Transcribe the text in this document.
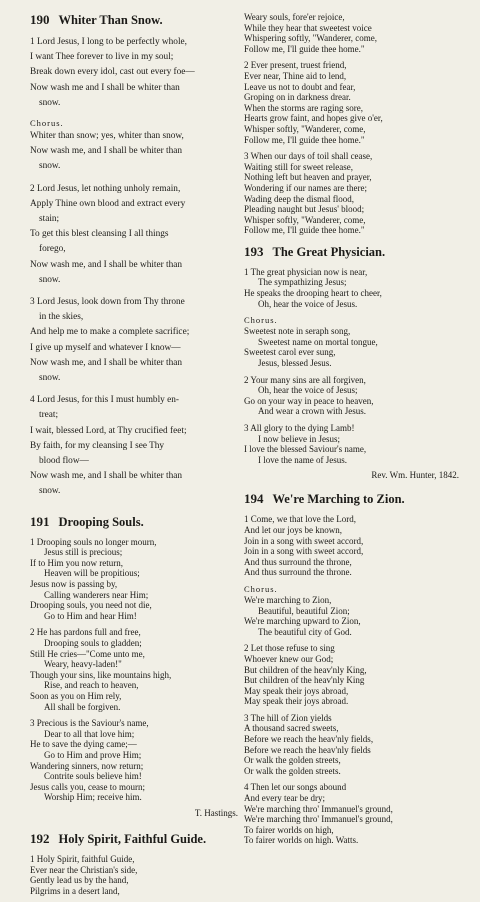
190 Whiter Than Snow.
1 Lord Jesus, I long to be perfectly whole,
I want Thee forever to live in my soul;
Break down every idol, cast out every foe—
Now wash me and I shall be whiter than
snow.
Chorus.
Whiter than snow; yes, whiter than snow,
Now wash me, and I shall be whiter than
snow.
2 Lord Jesus, let nothing unholy remain,
Apply Thine own blood and extract every
stain;
To get this blest cleansing I all things
forego,
Now wash me, and I shall be whiter than
snow.
3 Lord Jesus, look down from Thy throne
in the skies,
And help me to make a complete sacrifice;
I give up myself and whatever I know—
Now wash me, and I shall be whiter than
snow.
4 Lord Jesus, for this I must humbly en-
treat;
I wait, blessed Lord, at Thy crucified feet;
By faith, for my cleansing I see Thy
blood flow—
Now wash me, and I shall be whiter than
snow.
191 Drooping Souls.
1 Drooping souls no longer mourn,
Jesus still is precious;
If to Him you now return,
Heaven will be propitious;
Jesus now is passing by,
Calling wanderers near Him;
Drooping souls, you need not die,
Go to Him and hear Him!
2 He has pardons full and free,
Drooping souls to gladden;
Still He cries—"Come unto me,
Weary, heavy-laden!"
Though your sins, like mountains high,
Rise, and reach to heaven,
Soon as you on Him rely,
All shall be forgiven.
3 Precious is the Saviour's name,
Dear to all that love him;
He to save the dying came;—
Go to Him and prove Him;
Wandering sinners, now return;
Contrite souls believe him!
Jesus calls you, cease to mourn;
Worship Him; receive him.
T. Hastings.
192 Holy Spirit, Faithful Guide.
1 Holy Spirit, faithful Guide,
Ever near the Christian's side,
Gently lead us by the hand,
Pilgrims in a desert land,
Weary souls, fore'er rejoice,
While they hear that sweetest voice
Whispering softly, "Wanderer, come,
Follow me, I'll guide thee home."
2 Ever present, truest friend,
Ever near, Thine aid to lend,
Leave us not to doubt and fear,
Groping on in darkness drear.
When the storms are raging sore,
Hearts grow faint, and hopes give o'er,
Whisper softly, "Wanderer, come,
Follow me, I'll guide thee home."
3 When our days of toil shall cease,
Waiting still for sweet release,
Nothing left but heaven and prayer,
Wondering if our names are there;
Wading deep the dismal flood,
Pleading naught but Jesus' blood;
Whisper softly, "Wanderer, come,
Follow me, I'll guide thee home."
193 The Great Physician.
1 The great physician now is near,
The sympathizing Jesus;
He speaks the drooping heart to cheer,
Oh, hear the voice of Jesus.
Chorus.
Sweetest note in seraph song,
Sweetest name on mortal tongue,
Sweetest carol ever sung,
Jesus, blessed Jesus.
2 Your many sins are all forgiven,
Oh, hear the voice of Jesus;
Go on your way in peace to heaven,
And wear a crown with Jesus.
3 All glory to the dying Lamb!
I now believe in Jesus;
I love the blessed Saviour's name,
I love the name of Jesus.
Rev. Wm. Hunter, 1842.
194 We're Marching to Zion.
1 Come, we that love the Lord,
And let our joys be known,
Join in a song with sweet accord,
Join in a song with sweet accord,
And thus surround the throne,
And thus surround the throne.
Chorus.
We're marching to Zion,
Beautiful, beautiful Zion;
We're marching upward to Zion,
The beautiful city of God.
2 Let those refuse to sing
Whoever knew our God;
But children of the heav'nly King,
But children of the heav'nly King
May speak their joys abroad,
May speak their joys abroad.
3 The hill of Zion yields
A thousand sacred sweets,
Before we reach the heav'nly fields,
Before we reach the heav'nly fields
Or walk the golden streets,
Or walk the golden streets.
4 Then let our songs abound
And every tear be dry;
We're marching thro' Immanuel's ground,
We're marching thro' Immanuel's ground,
To fairer worlds on high,
To fairer worlds on high. Watts.
